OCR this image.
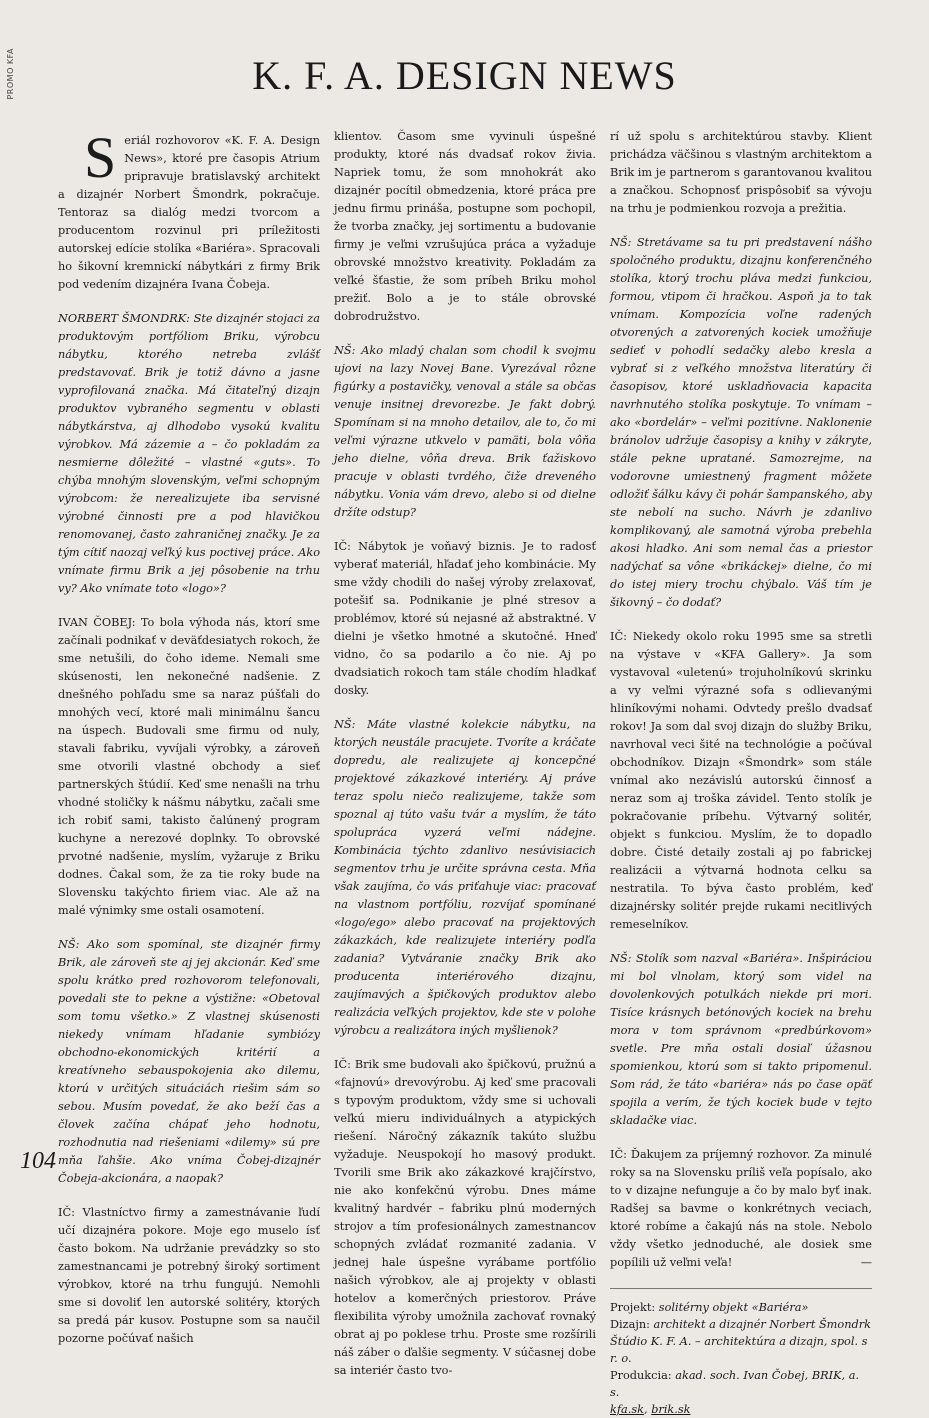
PROMO KFA	K. F. A. DESIGN NEWS

Seriál rozhovorov «K. F. A. Design News», ktoré pre časopis Atrium pripravuje bratislavský architekt a dizajnér Norbert Šmondrk, pokračuje. Tentoraz sa dialóg medzi tvorcom a producentom rozvinul pri príležitosti autorskej edície stolíka «Bariéra». Spracovali ho šikovní kremnickí nábytkári z firmy Brik pod vedením dizajnéra Ivana Čobeja.

NORBERT ŠMONDRK: Ste dizajnér stojaci za produktovým portfóliom Briku, výrobcu nábytku, ktorého netreba zvlášť predstavovať. Brik je totiž dávno a jasne vyprofilovaná značka. Má čitateľný dizajn produktov vybraného segmentu v oblasti nábytkárstva, aj dlhodobo vysokú kvalitu výrobkov. Má zázemie a – čo pokladám za nesmierne dôležité – vlastné «guts». To chýba mnohým slovenským, veľmi schopným výrobcom: že nerealizujete iba servisné výrobné činnosti pre a pod hlavičkou renomovanej, často zahraničnej značky. Je za tým cítiť naozaj veľký kus poctivej práce. Ako vnímate firmu Brik a jej pôsobenie na trhu vy? Ako vnímate toto «logo»?

IVAN ČOBEJ: To bola výhoda nás, ktorí sme začínali podnikať v deväťdesiatych rokoch, že sme netušili, do čoho ideme. Nemali sme skúsenosti, len nekonečné nadšenie. Z dnešného pohľadu sme sa naraz púšťali do mnohých vecí, ktoré mali minimálnu šancu na úspech. Budovali sme firmu od nuly, stavali fabriku, vyvíjali výrobky, a zároveň sme otvorili vlastné obchody a sieť partnerských štúdií. Keď sme nenašli na trhu vhodné stoličky k nášmu nábytku, začali sme ich robiť sami, takisto čalúnený program kuchyne a nerezové doplnky. To obrovské prvotné nadšenie, myslím, vyžaruje z Briku dodnes. Čakal som, že za tie roky bude na Slovensku takýchto firiem viac. Ale až na malé výnimky sme ostali osamotení.

NŠ: Ako som spomínal, ste dizajnér firmy Brik, ale zároveň ste aj jej akcionár. Keď sme spolu krátko pred rozhovorom telefonovali, povedali ste to pekne a výstižne: «Obetoval som tomu všetko.» Z vlastnej skúsenosti niekedy vnímam hľadanie symbiózy obchodno-ekonomických kritérií a kreatívneho sebauspokojenia ako dilemu, ktorú v určitých situáciách riešim sám so sebou. Musím povedať, že ako beží čas a človek začína chápať jeho hodnotu, rozhodnutia nad riešeniami «dilemy» sú pre mňa ľahšie. Ako vníma Čobej-dizajnér Čobeja-akcionára, a naopak?

IČ: Vlastníctvo firmy a zamestnávanie ľudí učí dizajnéra pokore. Moje ego muselo ísť často bokom. Na udržanie prevádzky so sto zamestnancami je potrebný široký sortiment výrobkov, ktoré na trhu fungujú. Nemohli sme si dovoliť len autorské solitéry, ktorých sa predá pár kusov. Postupne som sa naučil pozorne počúvať našich

klientov. Časom sme vyvinuli úspešné produkty, ktoré nás dvadsať rokov živia. Napriek tomu, že som mnohokrát ako dizajnér pocítil obmedzenia, ktoré práca pre jednu firmu prináša, postupne som pochopil, že tvorba značky, jej sortimentu a budovanie firmy je veľmi vzrušujúca práca a vyžaduje obrovské množstvo kreativity. Pokladám za veľké šťastie, že som príbeh Briku mohol prežiť. Bolo a je to stále obrovské dobrodružstvo.

NŠ: Ako mladý chalan som chodil k svojmu ujovi na lazy Novej Bane. Vyrezával rôzne figúrky a postavičky, venoval a stále sa občas venuje insitnej drevorezbe. Je fakt dobrý. Spomínam si na mnoho detailov, ale to, čo mi veľmi výrazne utkvelo v pamäti, bola vôňa jeho dielne, vôňa dreva. Brik ťažiskovo pracuje v oblasti tvrdého, čiže dreveného nábytku. Vonia vám drevo, alebo si od dielne držíte odstup?

IČ: Nábytok je voňavý biznis. Je to radosť vyberať materiál, hľadať jeho kombinácie. My sme vždy chodili do našej výroby zrelaxovať, potešiť sa. Podnikanie je plné stresov a problémov, ktoré sú nejasné až abstraktné. V dielni je všetko hmotné a skutočné. Hneď vidno, čo sa podarilo a čo nie. Aj po dvadsiatich rokoch tam stále chodím hladkať dosky.

NŠ: Máte vlastné kolekcie nábytku, na ktorých neustále pracujete. Tvoríte a kráčate dopredu, ale realizujete aj koncepčné projektové zákazkové interiéry. Aj práve teraz spolu niečo realizujeme, takže som spoznal aj túto vašu tvár a myslím, že táto spolupráca vyzerá veľmi nádejne. Kombinácia týchto zdanlivo nesúvisiacich segmentov trhu je určite správna cesta. Mňa však zaujíma, čo vás priťahuje viac: pracovať na vlastnom portfóliu, rozvíjať spomínané «logo/ego» alebo pracovať na projektových zákazkách, kde realizujete interiéry podľa zadania? Vytváranie značky Brik ako producenta interiérového dizajnu, zaujímavých a špičkových produktov alebo realizácia veľkých projektov, kde ste v polohe výrobcu a realizátora iných myšlienok?

IČ: Brik sme budovali ako špičkovú, pružnú a «fajnovú» drevovýrobu. Aj keď sme pracovali s typovým produktom, vždy sme si uchovali veľkú mieru individuálnych a atypických riešení. Náročný zákazník takúto službu vyžaduje. Neuspokojí ho masový produkt. Tvorili sme Brik ako zákazkové krajčírstvo, nie ako konfekčnú výrobu. Dnes máme kvalitný hardvér – fabriku plnú moderných strojov a tím profesionálnych zamestnancov schopných zvládať rozmanité zadania. V jednej hale úspešne vyrábame portfólio našich výrobkov, ale aj projekty v oblasti hotelov a komerčných priestorov. Práve flexibilita výroby umožnila zachovať rovnaký obrat aj po poklese trhu. Proste sme rozšírili náš záber o ďalšie segmenty. V súčasnej dobe sa interiér často tvo-

rí už spolu s architektúrou stavby. Klient prichádza väčšinou s vlastným architektom a Brik im je partnerom s garantovanou kvalitou a značkou. Schopnosť prispôsobiť sa vývoju na trhu je podmienkou rozvoja a prežitia.

NŠ: Stretávame sa tu pri predstavení nášho spoločného produktu, dizajnu konferenčného stolíka, ktorý trochu pláva medzi funkciou, formou, vtipom či hračkou. Aspoň ja to tak vnímam. Kompozícia voľne radených otvorených a zatvorených kociek umožňuje sedieť v pohodlí sedačky alebo kresla a vybrať si z veľkého množstva literatúry či časopisov, ktoré uskladňovacia kapacita navrhnutého stolíka poskytuje. To vnímam – ako «bordelár» – veľmi pozitívne. Naklonenie bránolov udržuje časopisy a knihy v zákryte, stále pekne upratané. Samozrejme, na vodorovne umiestnený fragment môžete odložiť šálku kávy či pohár šampanského, aby ste nebolí na sucho. Návrh je zdanlivo komplikovaný, ale samotná výroba prebehla akosi hladko. Ani som nemal čas a priestor nadýchať sa vône «brikáckej» dielne, čo mi do istej miery trochu chýbalo. Váš tím je šikovný – čo dodať?

IČ: Niekedy okolo roku 1995 sme sa stretli na výstave v «KFA Gallery». Ja som vystavoval «uletenú» trojuholníkovú skrinku a vy veľmi výrazné sofa s odlievanými hliníkovými nohami. Odvtedy prešlo dvadsať rokov! Ja som dal svoj dizajn do služby Briku, navrhoval veci šité na technológie a počúval obchodníkov. Dizajn «Šmondrk» som stále vnímal ako nezávislú autorskú činnosť a neraz som aj troška závidel. Tento stolík je pokračovanie príbehu. Výtvarný solitér, objekt s funkciou. Myslím, že to dopadlo dobre. Čisté detaily zostali aj po fabrickej realizácii a výtvarná hodnota celku sa nestratila. To býva často problém, keď dizajnérsky solitér prejde rukami necitlivých remeselníkov.

NŠ: Stolík som nazval «Bariéra». Inšpiráciou mi bol vlnolam, ktorý som videl na dovolenkových potulkách niekde pri mori. Tisíce krásnych betónových kociek na brehu mora v tom správnom «predbúrkovom» svetle. Pre mňa ostali dosiaľ úžasnou spomienkou, ktorú som si takto pripomenul. Som rád, že táto «bariéra» nás po čase opäť spojila a verím, že tých kociek bude v tejto skladačke viac.

IČ: Ďakujem za príjemný rozhovor. Za minulé roky sa na Slovensku príliš veľa popísalo, ako to v dizajne nefunguje a čo by malo byť inak. Radšej sa bavme o konkrétnych veciach, ktoré robíme a čakajú nás na stole. Nebolo vždy všetko jednoduché, ale dosiek sme popílili už veľmi veľa!	—

Projekt: solitérny objekt «Bariéra»
Dizajn: architekt a dizajnér Norbert Šmondrk
Štúdio K. F. A. – architektúra a dizajn, spol. s r. o.
Produkcia: akad. soch. Ivan Čobej, BRIK, a. s.
kfa.sk, brik.sk
104
